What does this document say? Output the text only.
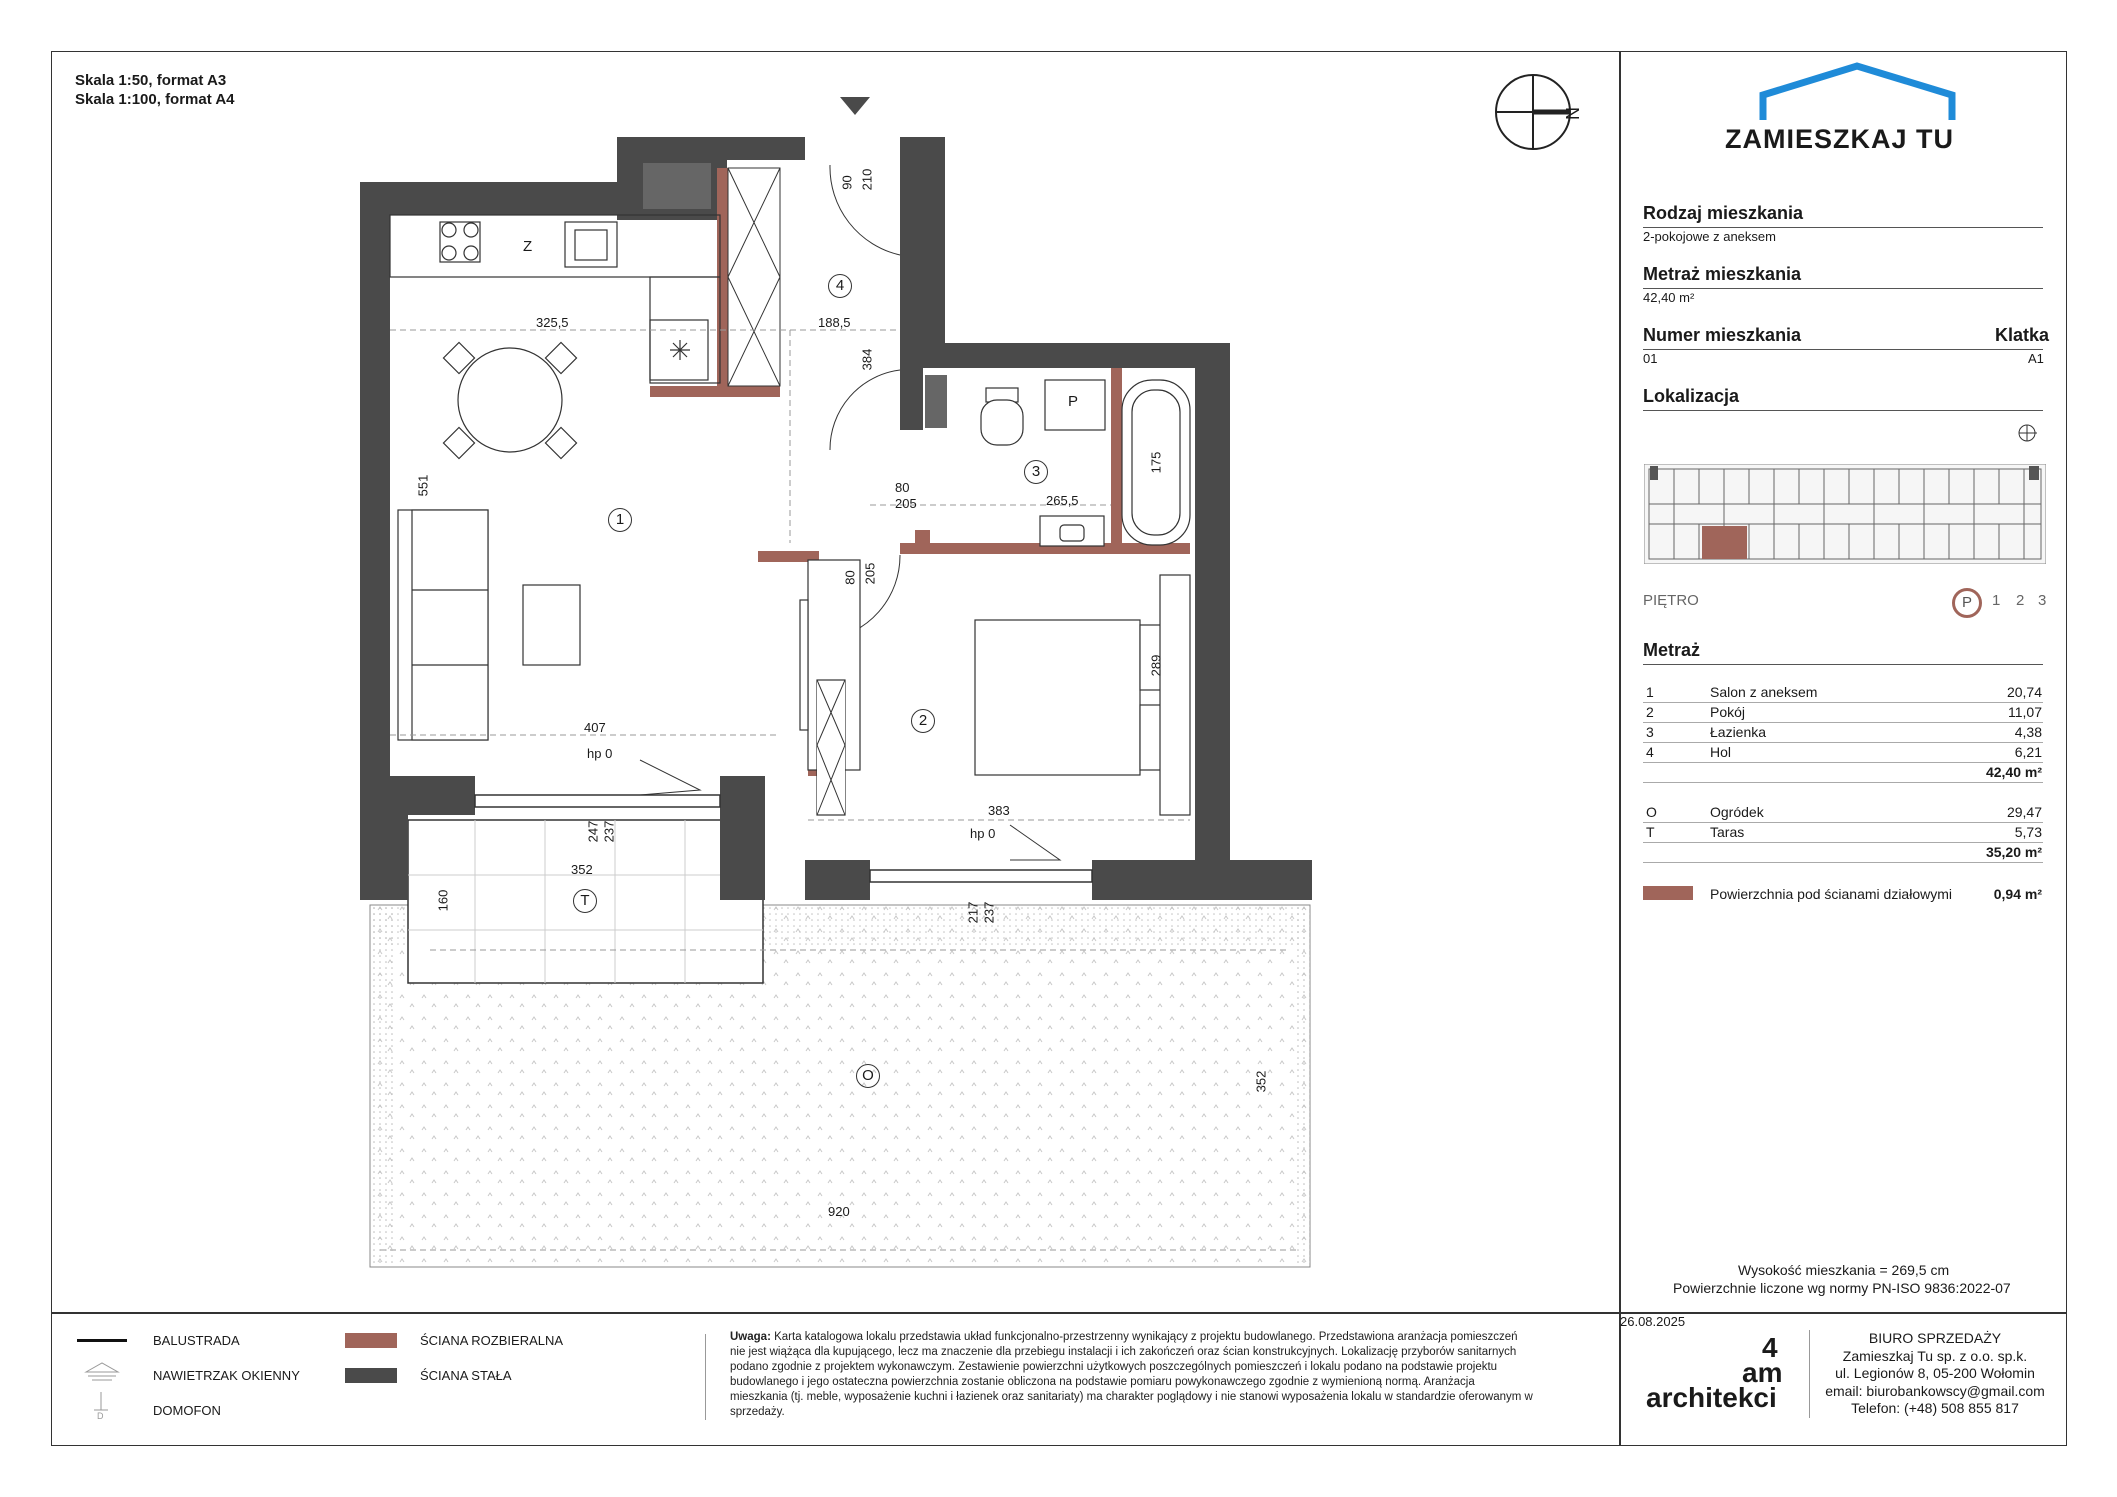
Skala 1:50, format A3
Skala 1:100, format A4
N
Z
P
1
2
3
4
T
O
325,5	188,5
384
551
407
90 210
80
205	265,5
175
80 205
289
383
247 237
352
160
217 237
352
920
hp 0
hp 0
ZAMIESZKAJ TU
Rodzaj mieszkania
2-pokojowe z aneksem
Metraż mieszkania
42,40 m²
Numer mieszkania	Klatka
01	A1
Lokalizacja
PIĘTRO	P	1 2 3
Metraż
1	Salon z aneksem	20,74
2	Pokój	11,07
3	Łazienka	4,38
4	Hol	6,21
42,40 m²
O	Ogródek	29,47
T	Taras	5,73
35,20 m²
Powierzchnia pod ścianami działowymi	0,94 m²
Wysokość mieszkania = 269,5 cm
Powierzchnie liczone wg normy PN-ISO 9836:2022-07
BALUSTRADA
NAWIETRZAK OKIENNY
D	DOMOFON
ŚCIANA ROZBIERALNA
ŚCIANA STAŁA
Uwaga: Karta katalogowa lokalu przedstawia układ funkcjonalno-przestrzenny wynikający z projektu budowlanego. Przedstawiona aranżacja pomieszczeń
nie jest wiążąca dla kupującego, lecz ma znaczenie dla przebiegu instalacji i ich zakończeń oraz ścian konstrukcyjnych. Lokalizację przyborów sanitarnych
podano zgodnie z projektem wykonawczym. Zestawienie powierzchni użytkowych poszczególnych pomieszczeń i lokalu podano na podstawie projektu
budowlanego i jego ostateczna powierzchnia zostanie obliczona na podstawie pomiaru powykonawczego zgodnie z wymienioną normą. Aranżacja
mieszkania (tj. meble, wyposażenie kuchni i łazienek oraz sanitariaty) ma charakter poglądowy i nie stanowi wyposażenia lokalu w standardzie oferowanym w
sprzedaży.
26.08.2025
4
am
architekci
BIURO SPRZEDAŻY
Zamieszkaj Tu sp. z o.o. sp.k.
ul. Legionów 8, 05-200 Wołomin
email: biurobankowscy@gmail.com
Telefon: (+48) 508 855 817
